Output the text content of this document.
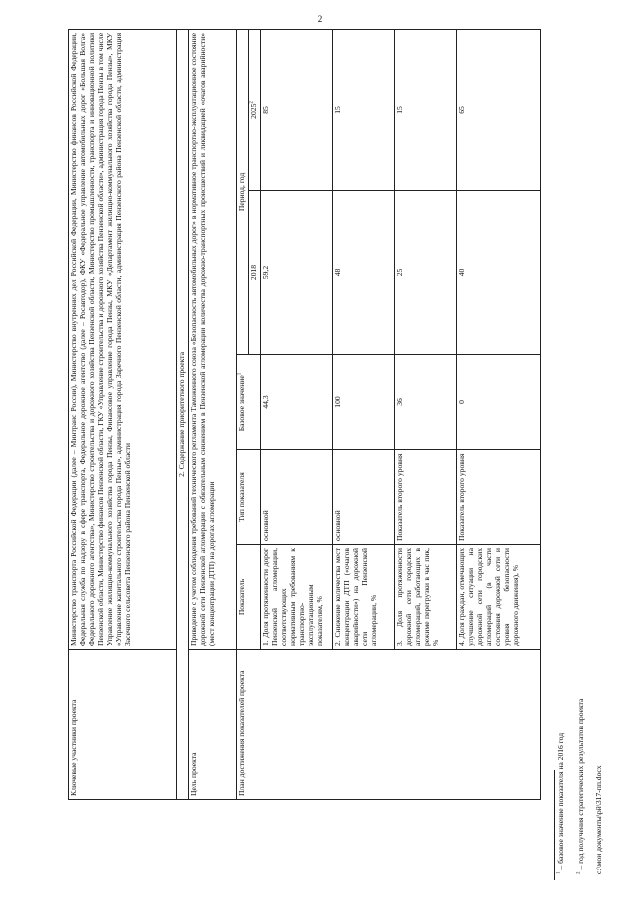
2
Ключевые участники проекта	Министерство транспорта Российской Федерации (далее – Минтранс России), Министерство внутренних дел Российской Федерации, Министерство финансов Российской Федерации, Федеральная служба по надзору в сфере транспорта, Федеральное дорожное агентство (далее – Росавтодор), ФКУ «Федеральное управление автомобильных дорог «Большая Волга» Федерального дорожного агентства», Министерство строительства и дорожного хозяйства Пензенской области, Министерство промышленности, транспорта и инновационной политики Пензенской области, Министерство финансов Пензенской области, ГКУ «Управление строительства и дорожного хозяйства Пензенской области», администрация города Пензы в том числе Управление жилищно-коммунального хозяйства города Пензы, Финансовое управление города Пензы, МКУ «Департамент жилищно-коммунального хозяйства города Пензы», МКУ «Управление капитального строительства города Пензы», администрация города Заречного Пензенской области, администрация Пензенского района Пензенской области, администрация Засечного сельсовета Пензенского района Пензенской области				
2. Содержание приоритетного проекта					
Цель проекта	Приведение с учетом соблюдения требований технического регламента Таможенного союза «Безопасность автомобильных дорог» в нормативное транспортно-эксплуатационное состояние дорожной сети Пензенской агломерации с обязательным снижением в Пензенской агломерации количества дорожно-транспортных происшествий и ликвидацией «очагов аварийности» (мест концентрации ДТП) на дорогах агломерации				
План достижения показателей проекта	Показатель	Тип показателя	Базовое значение$^1$	Период, год	
				2018	2025$^2$
	1. Доля протяженности дорог Пензенской агломерации, соответствующих нормативным требованиям к транспортно-эксплуатационным показателям, %	основной	44,3	59,2	85
	2. Снижение количества мест концентрации ДТП («очагов аварийности») на дорожной сети Пензенской агломерации, %	основной	100	48	15
	3. Доля протяженности дорожной сети городских агломераций, работающих в режиме перегрузки в час пик, %	Показатель второго уровня	36	25	15
	4. Доля граждан, отмечающих улучшение ситуации на дорожной сети городских агломераций (в части состояния дорожной сети и уровня безопасности дорожного движения), %	Показатель второго уровня	0	40	65
$^1$ – базовое значение показателя на 2016 год
$^2$ – год получения стратегических результатов проекта c:\мои документы\рй\317-пп.docx
